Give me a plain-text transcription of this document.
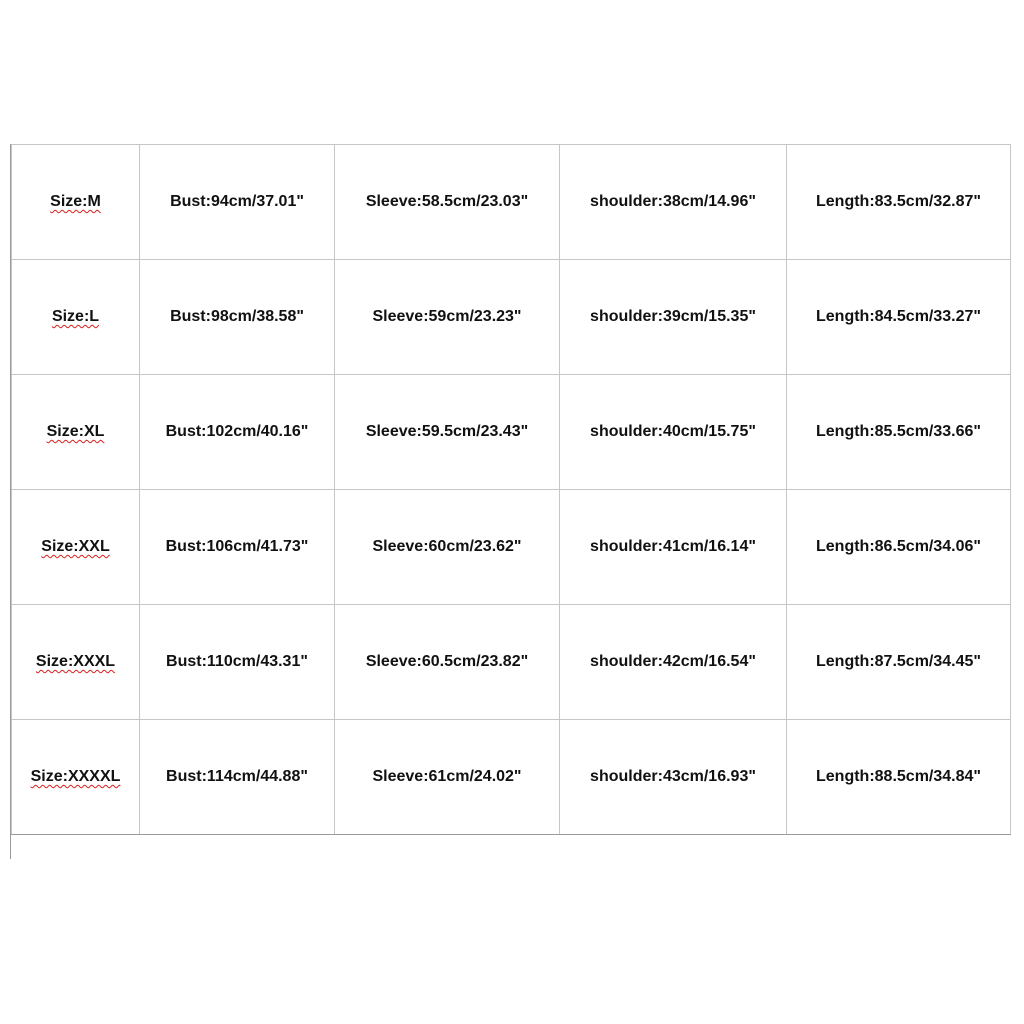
Size:M	Bust:94cm/37.01"	Sleeve:58.5cm/23.03"	shoulder:38cm/14.96"	Length:83.5cm/32.87"
Size:L	Bust:98cm/38.58"	Sleeve:59cm/23.23"	shoulder:39cm/15.35"	Length:84.5cm/33.27"
Size:XL	Bust:102cm/40.16"	Sleeve:59.5cm/23.43"	shoulder:40cm/15.75"	Length:85.5cm/33.66"
Size:XXL	Bust:106cm/41.73"	Sleeve:60cm/23.62"	shoulder:41cm/16.14"	Length:86.5cm/34.06"
Size:XXXL	Bust:110cm/43.31"	Sleeve:60.5cm/23.82"	shoulder:42cm/16.54"	Length:87.5cm/34.45"
Size:XXXXL	Bust:114cm/44.88"	Sleeve:61cm/24.02"	shoulder:43cm/16.93"	Length:88.5cm/34.84"
